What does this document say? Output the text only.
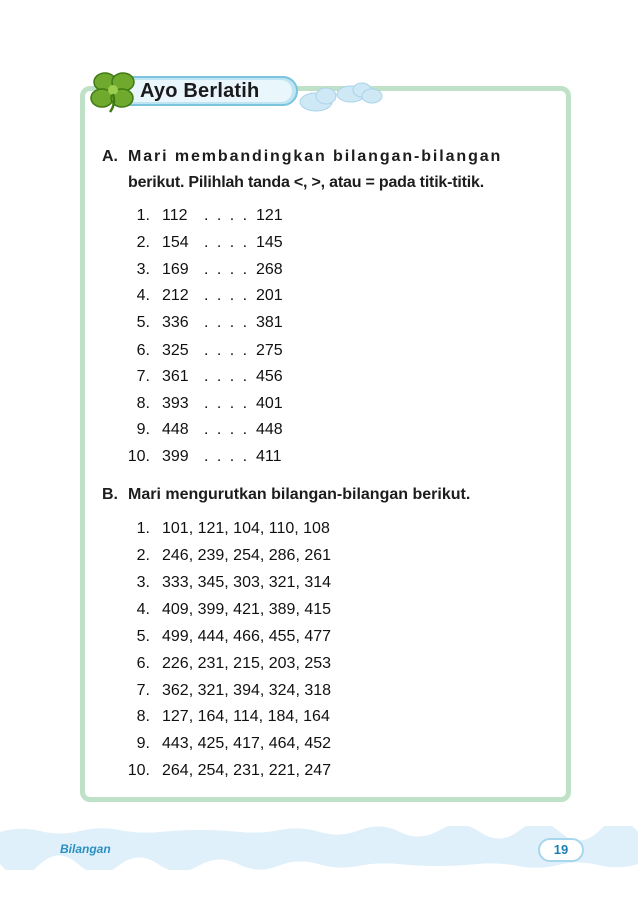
Ayo Berlatih
A. Mari membandingkan bilangan-bilangan
berikut. Pilihlah tanda <, >, atau = pada titik-titik.
1. 112 . . . . 121
2. 154 . . . . 145
3. 169 . . . . 268
4. 212 . . . . 201
5. 336 . . . . 381
6. 325 . . . . 275
7. 361 . . . . 456
8. 393 . . . . 401
9. 448 . . . . 448
10. 399 . . . . 411
B. Mari mengurutkan bilangan-bilangan berikut.
1. 101, 121, 104, 110, 108
2. 246, 239, 254, 286, 261
3. 333, 345, 303, 321, 314
4. 409, 399, 421, 389, 415
5. 499, 444, 466, 455, 477
6. 226, 231, 215, 203, 253
7. 362, 321, 394, 324, 318
8. 127, 164, 114, 184, 164
9. 443, 425, 417, 464, 452
10. 264, 254, 231, 221, 247
Bilangan	19
